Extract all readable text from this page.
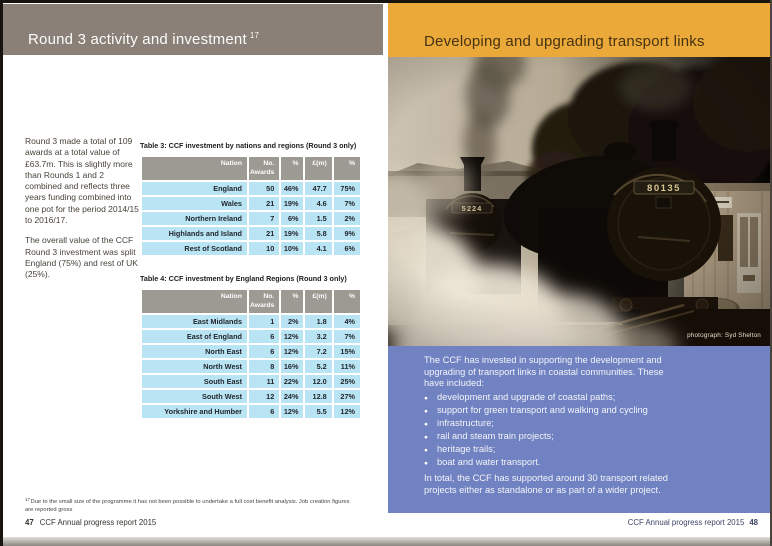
Round 3 activity and investment $^{17}$

Round 3 made a total of 109 awards at a total value of £63.7m. This is slightly more than Rounds 1 and 2 combined and reflects three years funding combined into one pot for the period 2014/15 to 2016/17.

The overall value of the CCF Round 3 investment was split England (75%) and rest of UK (25%).

Table 3: CCF investment by nations and regions (Round 3 only)
Nation	No. Awards	%	£(m)	%
England	50	46%	47.7	75%
Wales	21	19%	4.6	7%
Northern Ireland	7	6%	1.5	2%
Highlands and Island	21	19%	5.8	9%
Rest of Scotland	10	10%	4.1	6%
Table 4: CCF investment by England Regions (Round 3 only)
Nation	No. Awards	%	£(m)	%
East Midlands	1	2%	1.8	4%
East of England	6	12%	3.2	7%
North East	6	12%	7.2	15%
North West	8	16%	5.2	11%
South East	11	22%	12.0	25%
South West	12	24%	12.8	27%
Yorkshire and Humber	6	12%	5.5	12%
$^{17}$Due to the small size of the programme it has not been possible to undertake a full cost benefit analysis. Job creation figures are reported gross
47 CCF Annual progress report 2015
Developing and upgrading transport links
photograph: Syd Shelton

The CCF has invested in supporting the development and upgrading of transport links in coastal communities. These have included:

● development and upgrade of coastal paths;
● support for green transport and walking and cycling
● infrastructure;
● rail and steam train projects;
● heritage trails;
● boat and water transport.

In total, the CCF has supported around 30 transport related projects either as standalone or as part of a wider project.

CCF Annual progress report 2015 48
